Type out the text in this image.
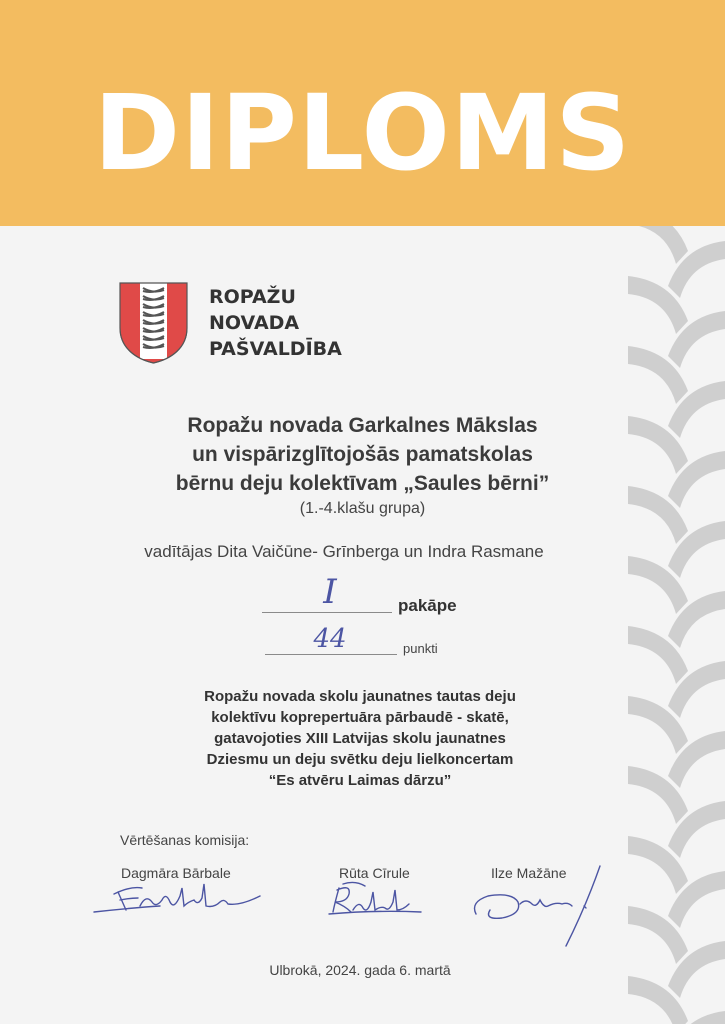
DIPLOMS
ROPAŽU
NOVADA
PAŠVALDĪBA
Ropažu novada Garkalnes Mākslas
un vispārizglītojošās pamatskolas
bērnu deju kolektīvam „Saules bērni”
(1.-4.klašu grupa)
vadītājas Dita Vaičūne- Grīnberga un Indra Rasmane
I	pakāpe
44	punkti
Ropažu novada skolu jaunatnes tautas deju
kolektīvu koprepertuāra pārbaudē - skatē,
gatavojoties XIII Latvijas skolu jaunatnes
Dziesmu un deju svētku deju lielkoncertam
“Es atvēru Laimas dārzu”
Vērtēšanas komisija:
Dagmāra Bārbale	Rūta Cīrule	Ilze Mažāne
Ulbrokā, 2024. gada 6. martā
